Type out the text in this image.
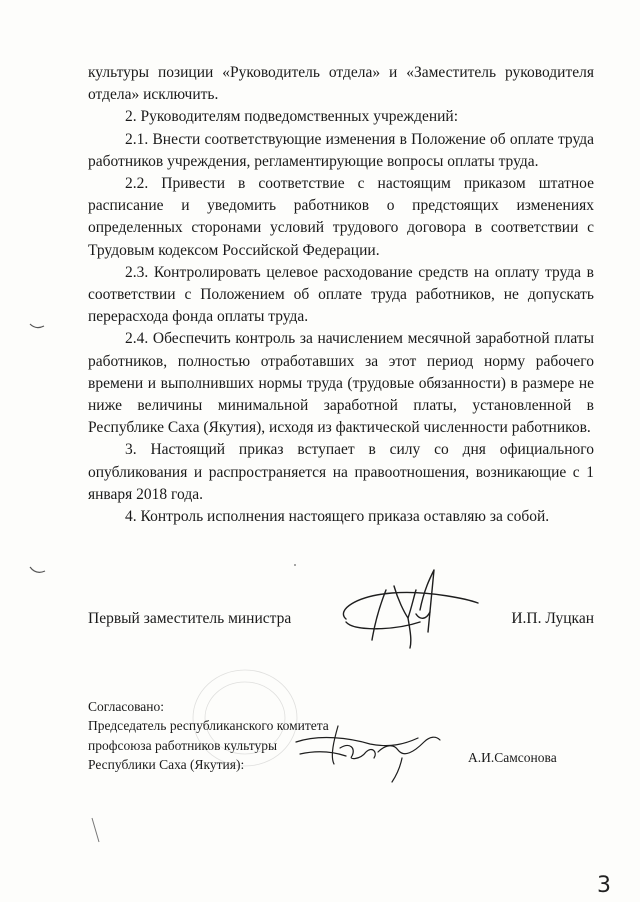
культуры позиции «Руководитель отдела» и «Заместитель руководителя отдела» исключить.

2. Руководителям подведомственных учреждений:

2.1. Внести соответствующие изменения в Положение об оплате труда работников учреждения, регламентирующие вопросы оплаты труда.

2.2. Привести в соответствие с настоящим приказом штатное расписание и уведомить работников о предстоящих изменениях определенных сторонами условий трудового договора в соответствии с Трудовым кодексом Российской Федерации.

2.3. Контролировать целевое расходование средств на оплату труда в соответствии с Положением об оплате труда работников, не допускать перерасхода фонда оплаты труда.

2.4. Обеспечить контроль за начислением месячной заработной платы работников, полностью отработавших за этот период норму рабочего времени и выполнивших нормы труда (трудовые обязанности) в размере не ниже величины минимальной заработной платы, установленной в Республике Саха (Якутия), исходя из фактической численности работников.

3. Настоящий приказ вступает в силу со дня официального опубликования и распространяется на правоотношения, возникающие с 1 января 2018 года.

4. Контроль исполнения настоящего приказа оставляю за собой.

Первый заместитель министра	И.П. Луцкан
Согласовано:
Председатель республиканского комитета
профсоюза работников культуры
Республики Саха (Якутия):	А.И.Самсонова
3
